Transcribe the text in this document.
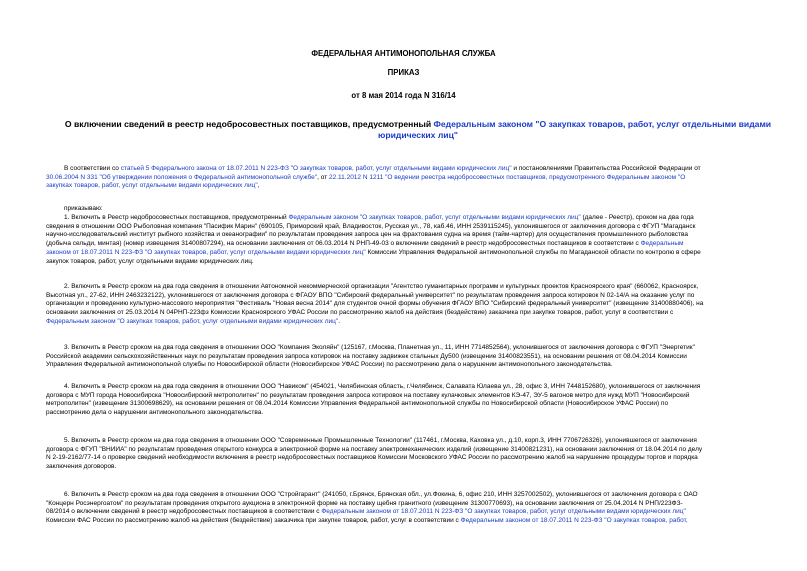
ФЕДЕРАЛЬНАЯ АНТИМОНОПОЛЬНАЯ СЛУЖБА
ПРИКАЗ
от 8 мая 2014 года N 316/14
О включении сведений в реестр недобросовестных поставщиков, предусмотренный Федеральным законом "О закупках товаров, работ, услуг отдельными видами
юридических лиц"
В соответствии со статьей 5 Федерального закона от 18.07.2011 N 223-ФЗ "О закупках товаров, работ, услуг отдельными видами юридических лиц" и постановлениями Правительства Российской Федерации от
30.06.2004 N 331 "Об утверждении положения о Федеральной антимонопольной службе", от 22.11.2012 N 1211 "О ведении реестра недобросовестных поставщиков, предусмотренного Федеральным законом "О
закупках товаров, работ, услуг отдельными видами юридических лиц",
приказываю:
1. Включить в Реестр недобросовестных поставщиков, предусмотренный Федеральным законом "О закупках товаров, работ, услуг отдельными видами юридических лиц" (далее - Реестр), сроком на два года
сведения в отношении ООО Рыболовная компания "Пасифик Марин" (690105, Приморский край, Владивосток, Русская ул., 78, каб.46, ИНН 2539115245), уклонившегося от заключения договора с ФГУП "Магаданск
научно-исследовательский институт рыбного хозяйства и океанографии" по результатам проведения запроса цен на фрахтования судна на время (тайм-чартер) для осуществления промышленного рыболовства
(добыча сельди, минтая) (номер извещения 31400807294), на основании заключения от 06.03.2014 N РНП-49-03 о включении сведений в реестр недобросовестных поставщиков в соответствии с Федеральным
законом от 18.07.2011 N 223-ФЗ "О закупках товаров, работ, услуг отдельными видами юридических лиц" Комиссии Управления Федеральной антимонопольной службы по Магаданской области по контролю в сфере
закупок товаров, работ, услуг отдельными видами юридических лиц.
2. Включить в Реестр сроком на два года сведения в отношении Автономной некоммерческой организации "Агентство гуманитарных программ и культурных проектов Красноярского края" (660062, Красноярск,
Высотная ул., 27-62, ИНН 2463232122), уклонившегося от заключения договора с ФГАОУ ВПО "Сибирский федеральный университет" по результатам проведения запроса котировок N 02-14/А на оказание услуг по
организации и проведению культурно-массового мероприятия "Фестиваль "Новая весна 2014" для студентов очной формы обучения ФГАОУ ВПО "Сибирский федеральный университет" (извещение 31400880406), на
основании заключения от 25.03.2014 N 04РНП-223фз Комиссии Красноярского УФАС России по рассмотрению жалоб на действия (бездействие) заказчика при закупке товаров, работ, услуг в соответствии с
Федеральным законом "О закупках товаров, работ, услуг отдельными видами юридических лиц".
3. Включить в Реестр сроком на два года сведения в отношении ООО "Компания Эколяйн" (125167, г.Москва, Планетная ул., 11, ИНН 7714852564), уклонившегося от заключения договора с ФГУП "Энергетик"
Российской академии сельскохозяйственных наук по результатам проведения запроса котировок на поставку задвижек стальных Ду500 (извещение 31400823551), на основании решения от 08.04.2014 Комиссии
Управления Федеральной антимонопольной службы по Новосибирской области (Новосибирское УФАС России) по рассмотрению дела о нарушении антимонопольного законодательства.
4. Включить в Реестр сроком на два года сведения в отношении ООО "Навиком" (454021, Челябинская область, г.Челябинск, Салавата Юлаева ул., 28, офис 3, ИНН 7448152680), уклонившегося от заключения
договора с МУП города Новосибирска "Новосибирский метрополитен" по результатам проведения запроса котировок на поставку кулачковых элементов КЭ-47, ЭУ-5 вагонов метро для нужд МУП "Новосибирский
метрополитен" (извещение 31300698629), на основании решения от 08.04.2014 Комиссии Управления Федеральной антимонопольной службы по Новосибирской области (Новосибирское УФАС России) по
рассмотрению дела о нарушении антимонопольного законодательства.
5. Включить в Реестр сроком на два года сведения в отношении ООО "Современные Промышленные Технологии" (117461, г.Москва, Каховка ул., д.10, корп.3, ИНН 7706726326), уклонившегося от заключения
договора с ФГУП "ВНИИА" по результатам проведения открытого конкурса в электронной форме на поставку электромеханических изделий (извещение 31400821231), на основании заключения от 18.04.2014 по делу
N 2-19-2162/77-14 о проверке сведений необходимости включения в реестр недобросовестных поставщиков Комиссии Московского УФАС России по рассмотрению жалоб на нарушение процедуры торгов и порядка
заключения договоров.
6. Включить в Реестр сроком на два года сведения в отношении ООО "Стройгарант" (241050, г.Брянск, Брянская обл., ул.Фокина, 6, офис 210, ИНН 3257002502), уклонившегося от заключения договора с ОАО
"Концерн Росэнергоатом" по результатам проведения открытого аукциона в электронной форме на поставку щебня гранитного (извещение 31300770693), на основании заключения от 25.04.2014 N РНП/223ФЗ-
08/2014 о включении сведений в реестр недобросовестных поставщиков в соответствии с Федеральным законом от 18.07.2011 N 223-ФЗ "О закупках товаров, работ, услуг отдельными видами юридических лиц"
Комиссии ФАС России по рассмотрению жалоб на действия (бездействие) заказчика при закупке товаров, работ, услуг в соответствии с Федеральным законом от 18.07.2011 N 223-ФЗ "О закупках товаров, работ,
